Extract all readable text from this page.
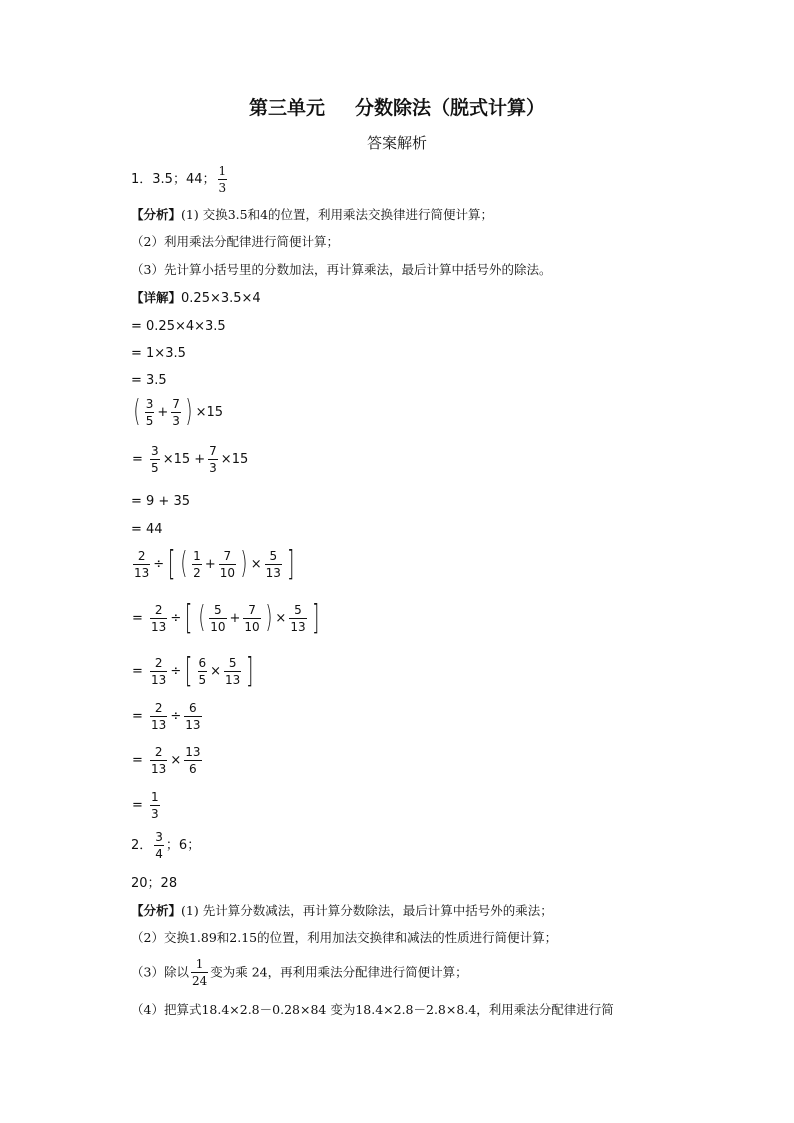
第三单元 分数除法（脱式计算）
答案解析
1．3.5；44； $\frac{1}{3}$
【分析】(1) 交换3.5和4的位置，利用乘法交换律进行简便计算；
（2）利用乘法分配律进行简便计算；
（3）先计算小括号里的分数加法，再计算乘法，最后计算中括号外的除法。
【详解】0.25×3.5×4
= 0.25×4×3.5
= 1×3.5
= 3.5
( $\frac{3}{5} + \frac{7}{3}$ ) ×15
= $\frac{3}{5} \times 15 + \frac{7}{3} \times 15$
= 9 + 35
= 44
$\frac{2}{13}$ ÷ [ ( $\frac{1}{2} + \frac{7}{10}$ ) × $\frac{5}{13}$ ]
= $\frac{2}{13}$ ÷ [ ( $\frac{5}{10} + \frac{7}{10}$ ) × $\frac{5}{13}$ ]
= $\frac{2}{13}$ ÷ [ $\frac{6}{5} \times \frac{5}{13}$ ]
= $\frac{2}{13} \div \frac{6}{13}$
= $\frac{2}{13} \times \frac{13}{6}$
= $\frac{1}{3}$
2． $\frac{3}{4}$ ；6；
20；28
【分析】(1) 先计算分数减法，再计算分数除法，最后计算中括号外的乘法；
（2）交换1.89和2.15的位置，利用加法交换律和减法的性质进行简便计算；
（3）除以 $\frac{1}{24}$ 变为乘 24，再利用乘法分配律进行简便计算；
（4）把算式18.4×2.8－0.28×84 变为18.4×2.8－2.8×8.4，利用乘法分配律进行简
